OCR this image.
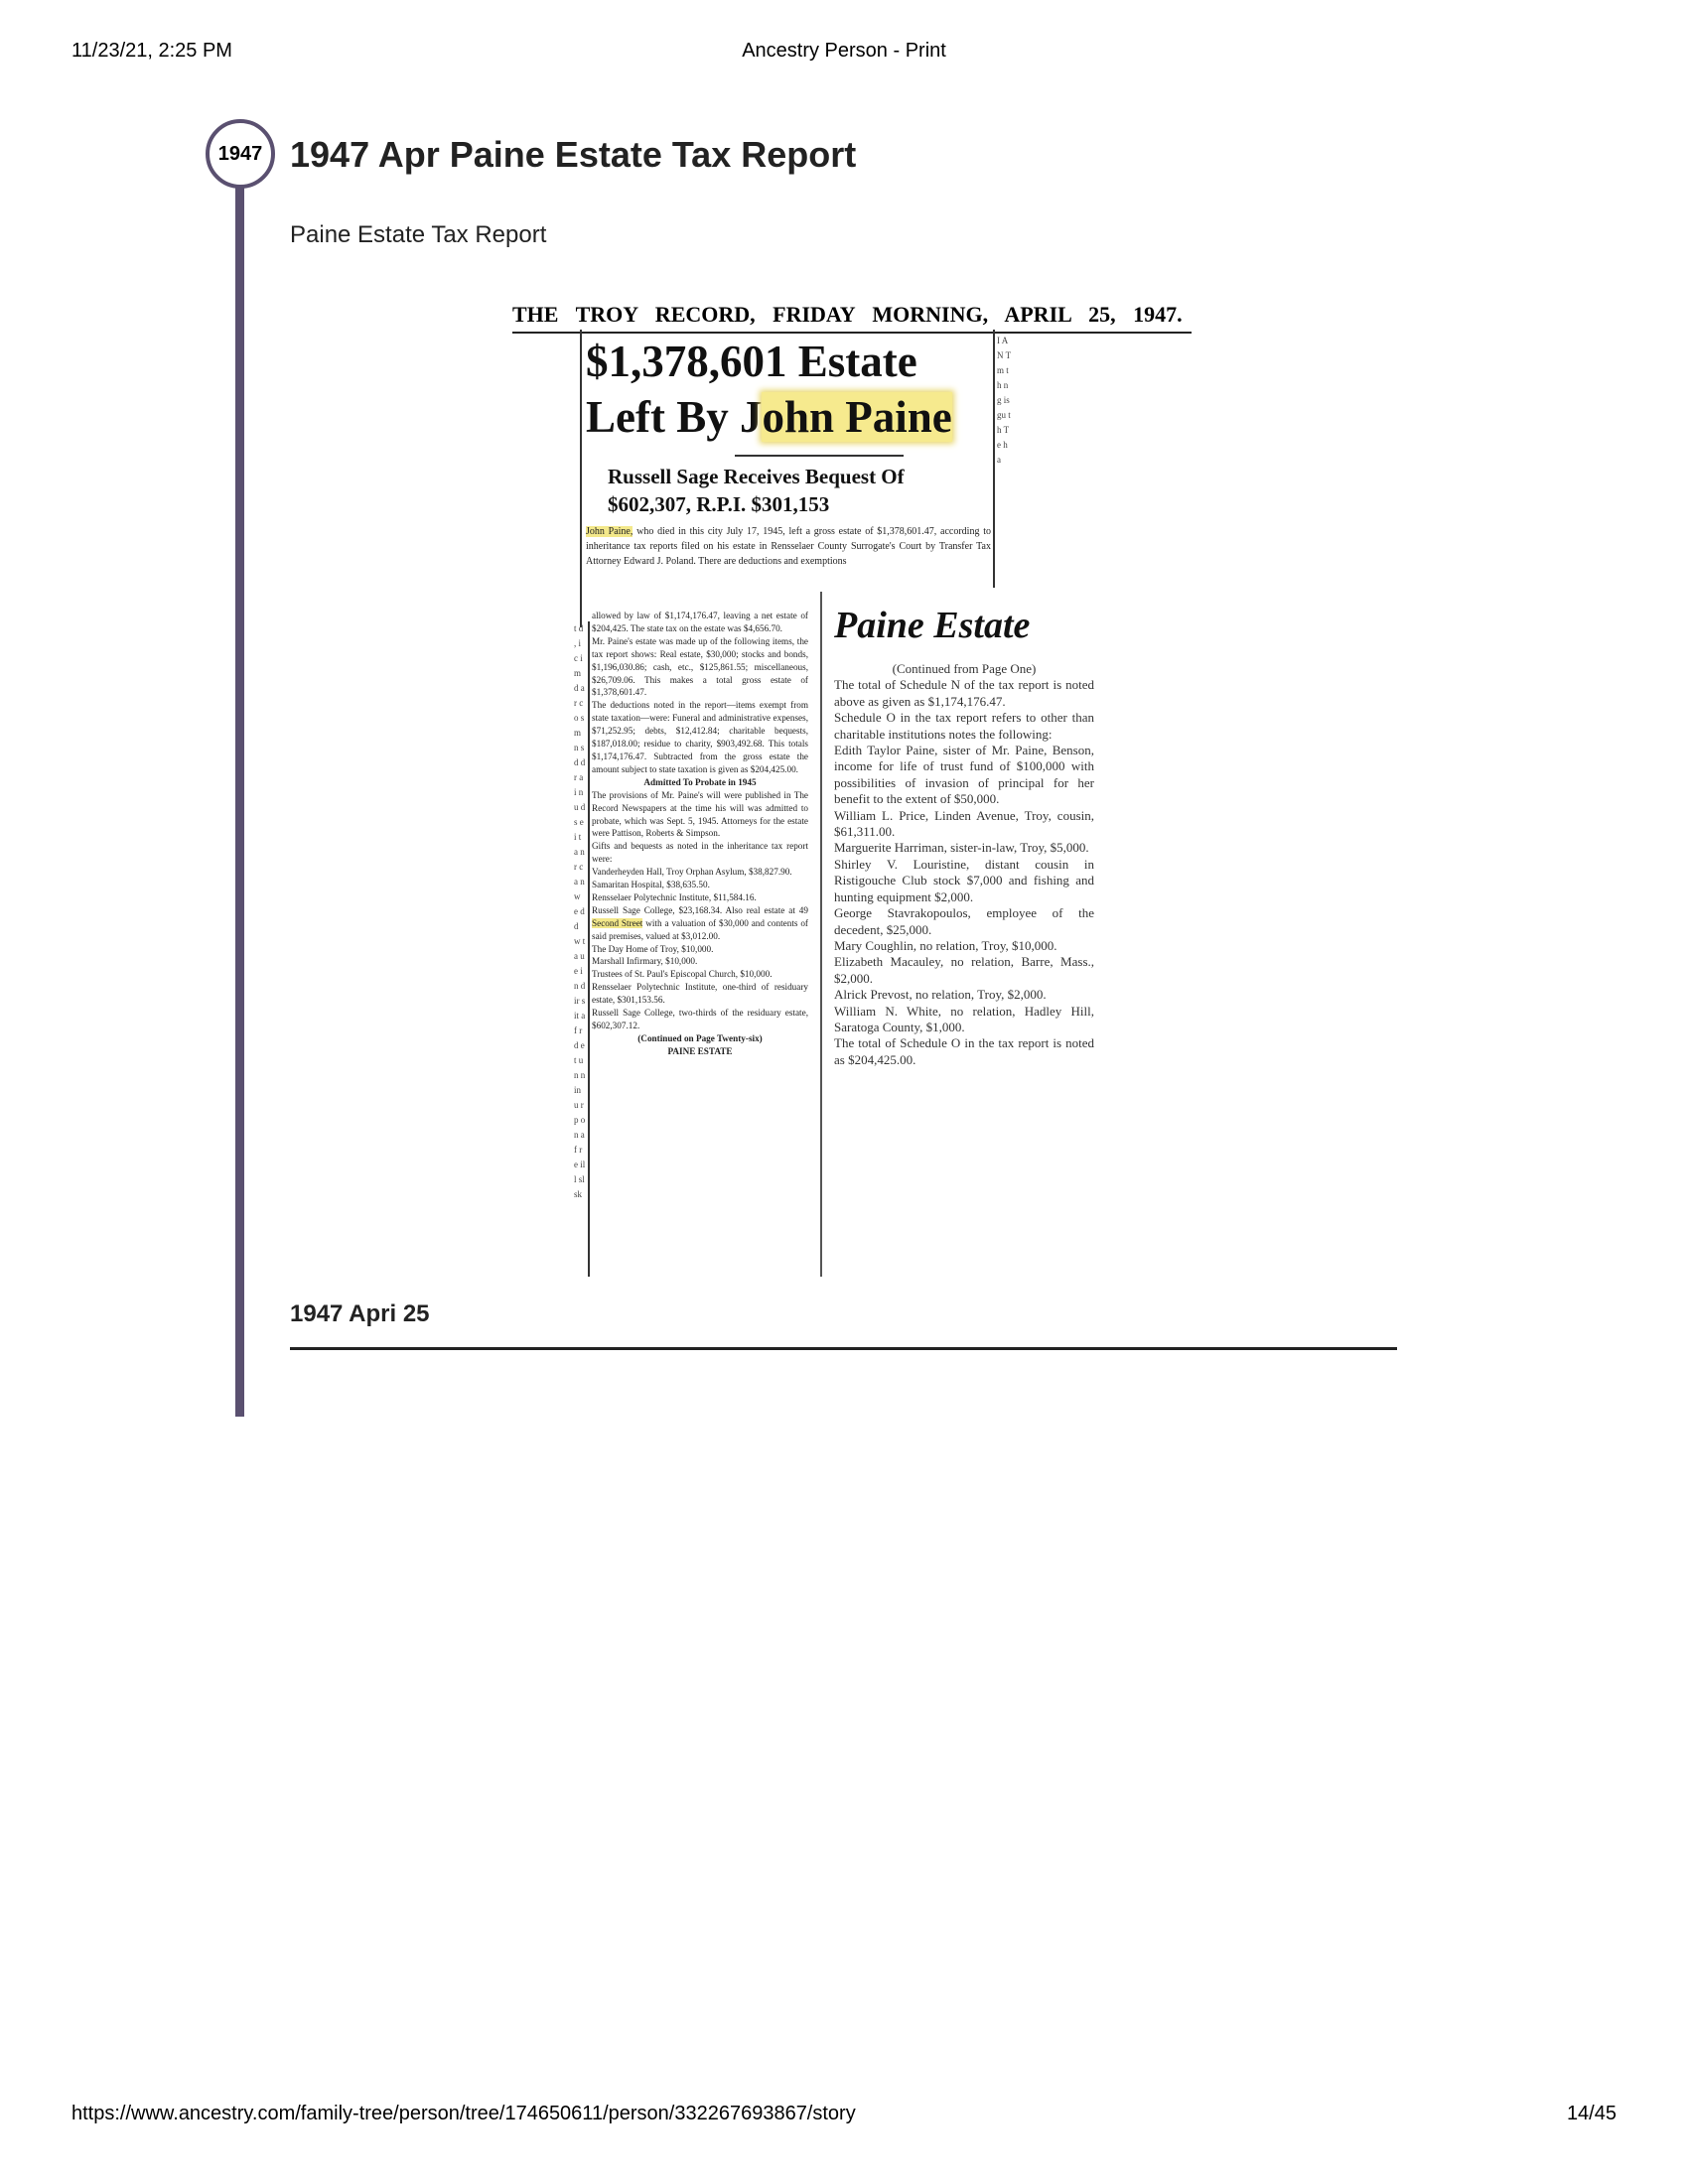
11/23/21, 2:25 PM	Ancestry Person - Print
https://www.ancestry.com/family-tree/person/tree/174650611/person/332267693867/story	14/45
1947 1947 Apr Paine Estate Tax Report
Paine Estate Tax Report
THE TROY RECORD, FRIDAY MORNING, APRIL 25, 1947.
$1,378,601 Estate
Left By John Paine
Russell Sage Receives Bequest Of $602,307, R.P.I. $301,153
John Paine, who died in this city July 17, 1945, left a gross estate of $1,378,601.47, according to inheritance tax reports filed on his estate in Rensselaer County Surrogate's Court by Transfer Tax Attorney Edward J. Poland. There are deductions and exemptions
t d , i c i m d a r c o s m n s d d r a i n u d s e i t a n r c a n w e d d w t a u e i n d ir s it a f r d e t u n n in u r p o n af re ill sl sk

allowed by law of $1,174,176.47, leaving a net estate of $204,425. The state tax on the estate was $4,656.70.

Mr. Paine's estate was made up of the following items, the tax report shows: Real estate, $30,000; stocks and bonds, $1,196,030.86; cash, etc., $125,861.55; miscellaneous, $26,709.06. This makes a total gross estate of $1,378,601.47.

The deductions noted in the report—items exempt from state taxation—were: Funeral and administrative expenses, $71,252.95; debts, $12,412.84; charitable bequests, $187,018.00; residue to charity, $903,492.68. This totals $1,174,176.47. Subtracted from the gross estate the amount subject to state taxation is given as $204,425.00.

Admitted To Probate in 1945

The provisions of Mr. Paine's will were published in The Record Newspapers at the time his will was admitted to probate, which was Sept. 5, 1945. Attorneys for the estate were Pattison, Roberts & Simpson.

Gifts and bequests as noted in the inheritance tax report were:

Vanderheyden Hall, Troy Orphan Asylum, $38,827.90.

Samaritan Hospital, $38,635.50.

Rensselaer Polytechnic Institute, $11,584.16.

Russell Sage College, $23,168.34. Also real estate at 49 Second Street with a valuation of $30,000 and contents of said premises, valued at $3,012.00.

The Day Home of Troy, $10,000.

Marshall Infirmary, $10,000.

Trustees of St. Paul's Episcopal Church, $10,000.

Rensselaer Polytechnic Institute, one-third of residuary estate, $301,153.56.

Russell Sage College, two-thirds of the residuary estate, $602,307.12.

(Continued on Page Twenty-six)

PAINE ESTATE

Paine Estate

(Continued from Page One)

The total of Schedule N of the tax report is noted above as given as $1,174,176.47.

Schedule O in the tax report refers to other than charitable institutions notes the following:

Edith Taylor Paine, sister of Mr. Paine, Benson, income for life of trust fund of $100,000 with possibilities of invasion of principal for her benefit to the extent of $50,000.

William L. Price, Linden Avenue, Troy, cousin, $61,311.00.

Marguerite Harriman, sister-in-law, Troy, $5,000.

Shirley V. Louristine, distant cousin in Ristigouche Club stock $7,000 and fishing and hunting equipment $2,000.

George Stavrakopoulos, employee of the decedent, $25,000.

Mary Coughlin, no relation, Troy, $10,000.

Elizabeth Macauley, no relation, Barre, Mass., $2,000.

Alrick Prevost, no relation, Troy, $2,000.

William N. White, no relation, Hadley Hill, Saratoga County, $1,000.

The total of Schedule O in the tax report is noted as $204,425.00.

I A N T m th ng is gu th Te ha
1947 Apri 25
